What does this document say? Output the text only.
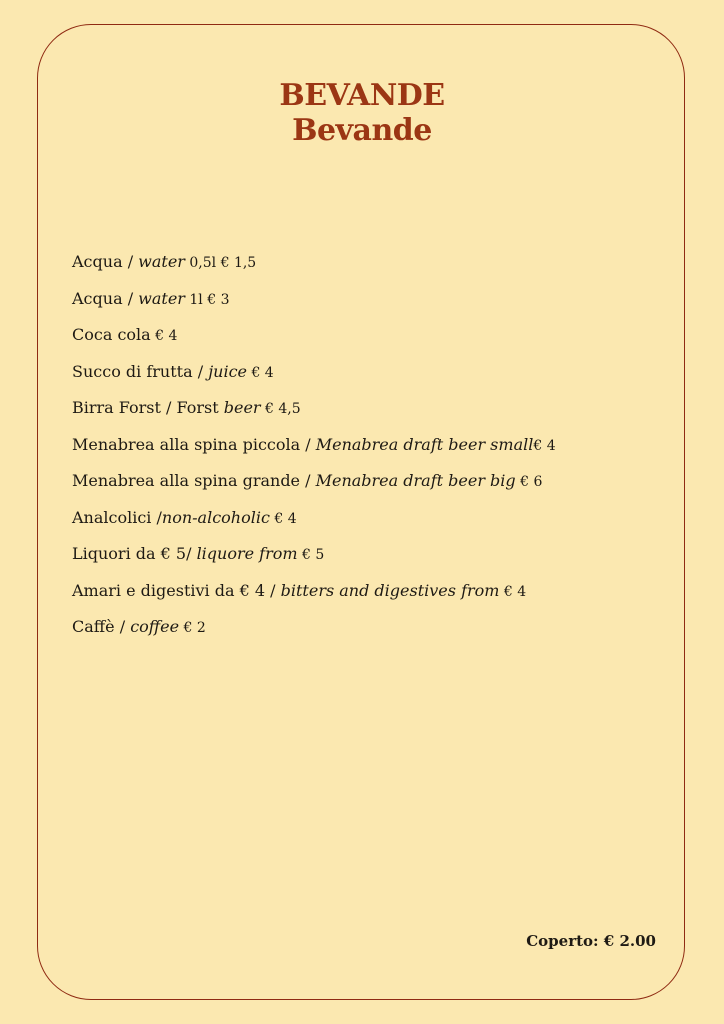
BEVANDE
Bevande
Acqua / water 0,5l € 1,5
Acqua / water 1l € 3
Coca cola € 4
Succo di frutta / juice € 4
Birra Forst / Forst beer € 4,5
Menabrea alla spina piccola / Menabrea draft beer small€ 4
Menabrea alla spina grande / Menabrea draft beer big € 6
Analcolici /non-alcoholic € 4
Liquori da € 5/ liquore from € 5
Amari e digestivi da € 4 / bitters and digestives from € 4
Caffè / coffee € 2
Coperto: € 2.00
